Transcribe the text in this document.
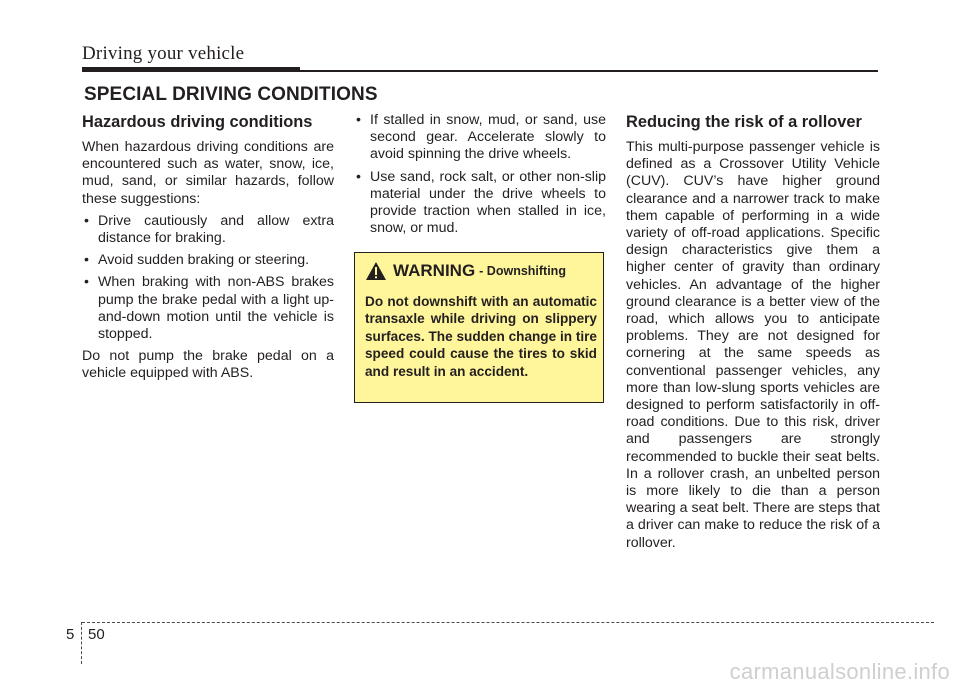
Driving your vehicle
SPECIAL DRIVING CONDITIONS
Hazardous driving conditions

When hazardous driving conditions are encountered such as water, snow, ice, mud, sand, or similar hazards, follow these suggestions:

• Drive cautiously and allow extra distance for braking.
• Avoid sudden braking or steering.
• When braking with non-ABS brakes pump the brake pedal with a light up-and-down motion until the vehicle is stopped.

Do not pump the brake pedal on a vehicle equipped with ABS.

• If stalled in snow, mud, or sand, use second gear. Accelerate slowly to avoid spinning the drive wheels.
• Use sand, rock salt, or other non-slip material under the drive wheels to provide traction when stalled in ice, snow, or mud.
WARNING - Downshifting
Do not downshift with an automatic transaxle while driving on slippery surfaces. The sudden change in tire speed could cause the tires to skid and result in an accident.
Reducing the risk of a rollover

This multi-purpose passenger vehicle is defined as a Crossover Utility Vehicle (CUV). CUV’s have higher ground clearance and a narrower track to make them capable of performing in a wide variety of off-road applications. Specific design characteristics give them a higher center of gravity than ordinary vehicles. An advantage of the higher ground clearance is a better view of the road, which allows you to anticipate problems. They are not designed for cornering at the same speeds as conventional passenger vehicles, any more than low-slung sports vehicles are designed to perform satisfactorily in off-road conditions. Due to this risk, driver and passengers are strongly recommended to buckle their seat belts. In a rollover crash, an unbelted person is more likely to die than a person wearing a seat belt. There are steps that a driver can make to reduce the risk of a rollover.

5 50
carmanualsonline.info
